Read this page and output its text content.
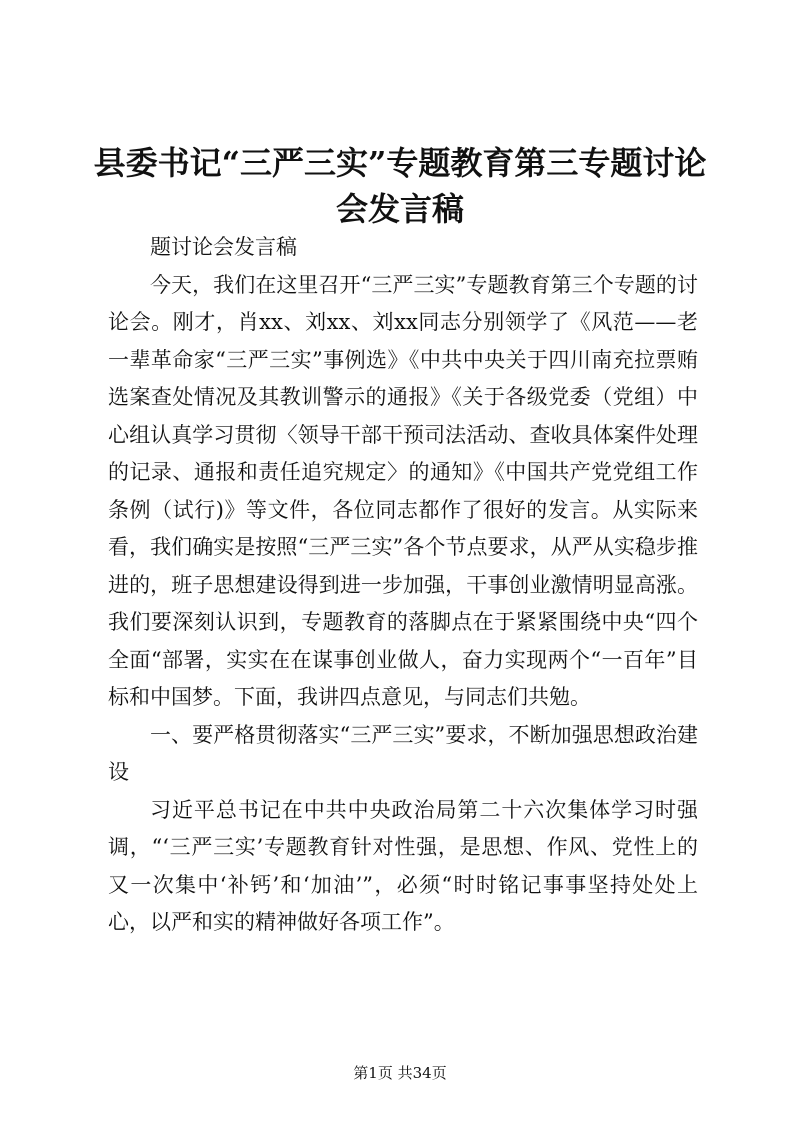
县委书记“三严三实”专题教育第三专题讨论会发言稿

题讨论会发言稿

今天，我们在这里召开“三严三实”专题教育第三个专题的讨论会。刚才，肖xx、刘xx、刘xx同志分别领学了《风范——老一辈革命家“三严三实”事例选》《中共中央关于四川南充拉票贿选案查处情况及其教训警示的通报》《关于各级党委（党组）中心组认真学习贯彻〈领导干部干预司法活动、查收具体案件处理的记录、通报和责任追究规定〉的通知》《中国共产党党组工作条例（试行)》等文件，各位同志都作了很好的发言。从实际来看，我们确实是按照“三严三实”各个节点要求，从严从实稳步推进的，班子思想建设得到进一步加强，干事创业激情明显高涨。我们要深刻认识到，专题教育的落脚点在于紧紧围绕中央“四个全面“部署，实实在在谋事创业做人，奋力实现两个“一百年”目标和中国梦。下面，我讲四点意见，与同志们共勉。

一、要严格贯彻落实“三严三实”要求，不断加强思想政治建设

习近平总书记在中共中央政治局第二十六次集体学习时强调，“‘三严三实’专题教育针对性强，是思想、作风、党性上的又一次集中‘补钙’和‘加油’”，必须“时时铭记事事坚持处处上心，以严和实的精神做好各项工作”。

第1页 共34页
